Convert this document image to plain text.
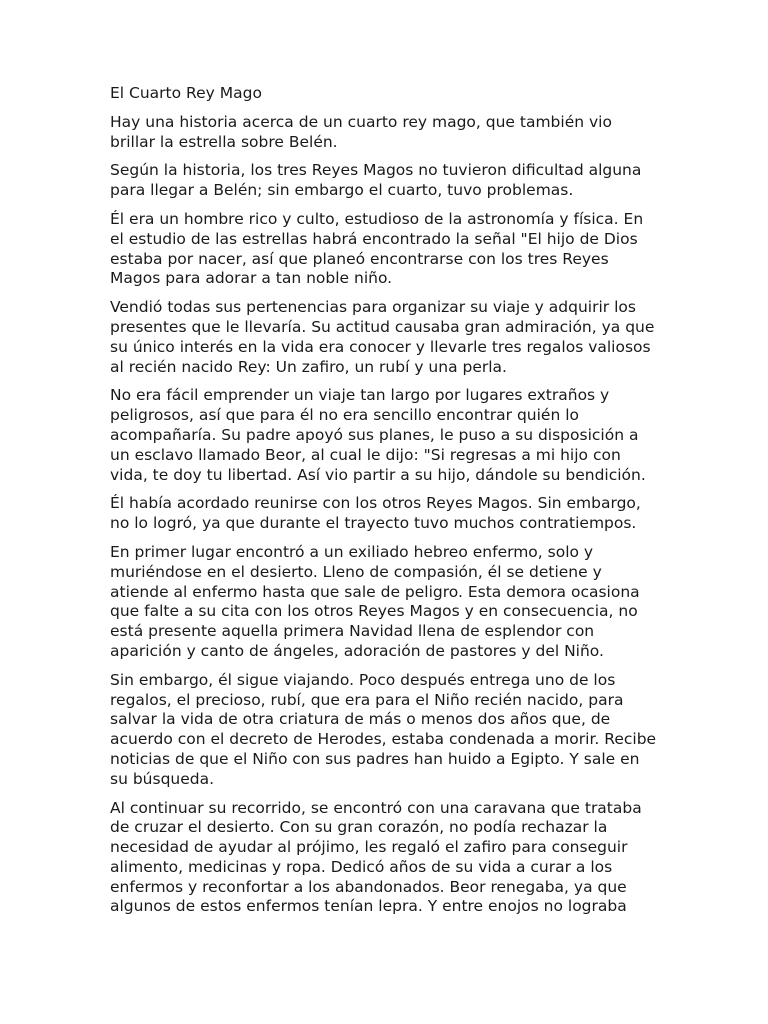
El Cuarto Rey Mago

Hay una historia acerca de un cuarto rey mago, que también vio brillar la estrella sobre Belén.

Según la historia, los tres Reyes Magos no tuvieron dificultad alguna para llegar a Belén; sin embargo el cuarto, tuvo problemas.

Él era un hombre rico y culto, estudioso de la astronomía y física. En el estudio de las estrellas habrá encontrado la señal "El hijo de Dios estaba por nacer, así que planeó encontrarse con los tres Reyes Magos para adorar a tan noble niño.

Vendió todas sus pertenencias para organizar su viaje y adquirir los presentes que le llevaría. Su actitud causaba gran admiración, ya que su único interés en la vida era conocer y llevarle tres regalos valiosos al recién nacido Rey: Un zafiro, un rubí y una perla.

No era fácil emprender un viaje tan largo por lugares extraños y peligrosos, así que para él no era sencillo encontrar quién lo acompañaría. Su padre apoyó sus planes, le puso a su disposición a un esclavo llamado Beor, al cual le dijo: "Si regresas a mi hijo con vida, te doy tu libertad. Así vio partir a su hijo, dándole su bendición.

Él había acordado reunirse con los otros Reyes Magos. Sin embargo, no lo logró, ya que durante el trayecto tuvo muchos contratiempos.

En primer lugar encontró a un exiliado hebreo enfermo, solo y muriéndose en el desierto. Lleno de compasión, él se detiene y atiende al enfermo hasta que sale de peligro. Esta demora ocasiona que falte a su cita con los otros Reyes Magos y en consecuencia, no está presente aquella primera Navidad llena de esplendor con aparición y canto de ángeles, adoración de pastores y del Niño.

Sin embargo, él sigue viajando. Poco después entrega uno de los regalos, el precioso, rubí, que era para el Niño recién nacido, para salvar la vida de otra criatura de más o menos dos años que, de acuerdo con el decreto de Herodes, estaba condenada a morir. Recibe noticias de que el Niño con sus padres han huido a Egipto. Y sale en su búsqueda.

Al continuar su recorrido, se encontró con una caravana que trataba de cruzar el desierto. Con su gran corazón, no podía rechazar la necesidad de ayudar al prójimo, les regaló el zafiro para conseguir alimento, medicinas y ropa. Dedicó años de su vida a curar a los enfermos y reconfortar a los abandonados. Beor renegaba, ya que algunos de estos enfermos tenían lepra. Y entre enojos no lograba
